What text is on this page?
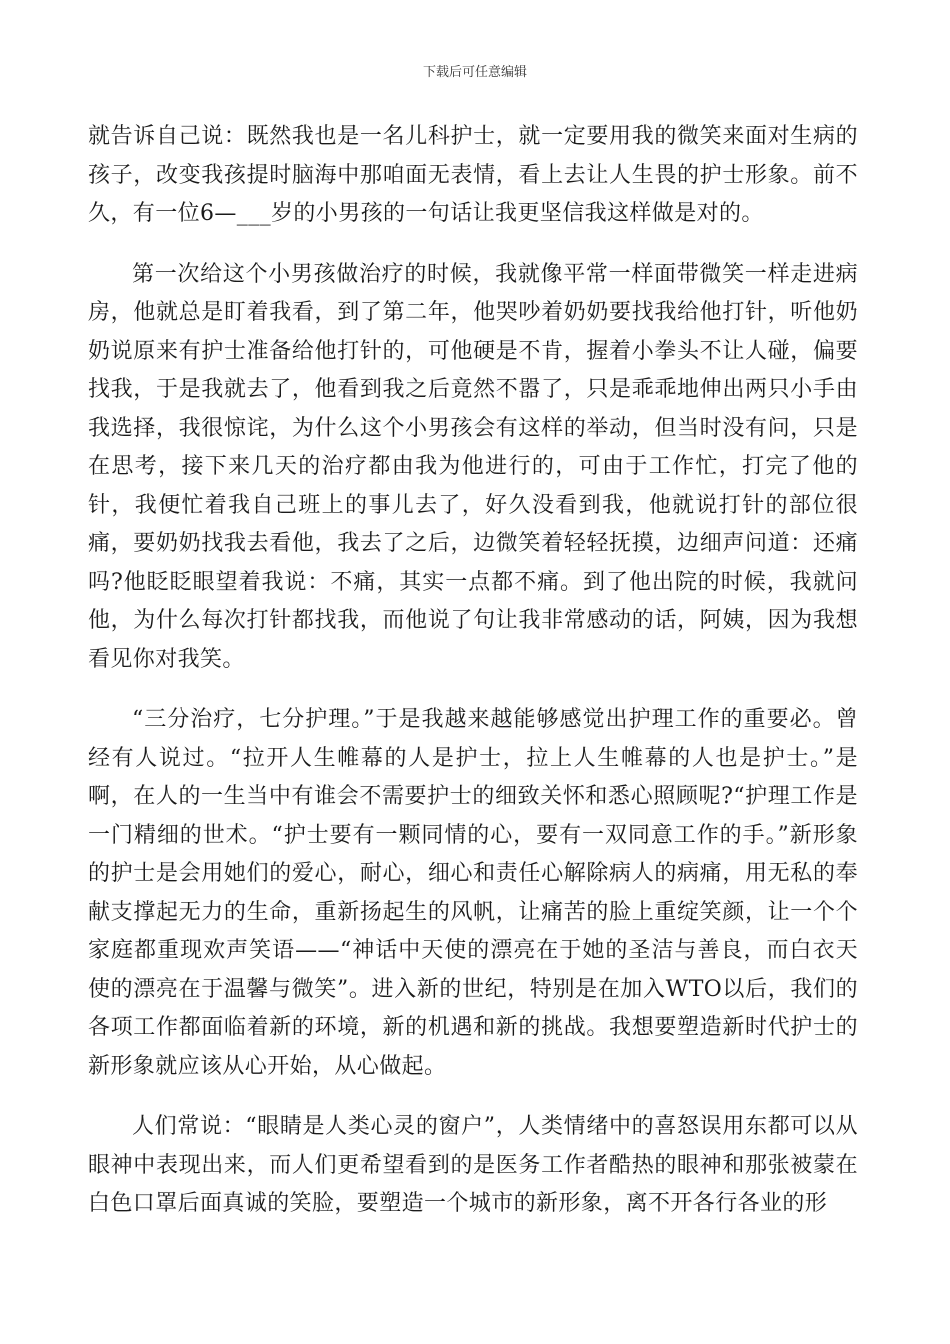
下载后可任意编辑

就告诉自己说：既然我也是一名儿科护士，就一定要用我的微笑来面对生病的孩子，改变我孩提时脑海中那咱面无表情，看上去让人生畏的护士形象。前不久，有一位6—___岁的小男孩的一句话让我更坚信我这样做是对的。

第一次给这个小男孩做治疗的时候，我就像平常一样面带微笑一样走进病房，他就总是盯着我看，到了第二年，他哭吵着奶奶要找我给他打针，听他奶奶说原来有护士准备给他打针的，可他硬是不肯，握着小拳头不让人碰，偏要找我，于是我就去了，他看到我之后竟然不嚣了，只是乖乖地伸出两只小手由我选择，我很惊诧，为什么这个小男孩会有这样的举动，但当时没有问，只是在思考，接下来几天的治疗都由我为他进行的，可由于工作忙，打完了他的针，我便忙着我自己班上的事儿去了，好久没看到我，他就说打针的部位很痛，要奶奶找我去看他，我去了之后，边微笑着轻轻抚摸，边细声问道：还痛吗?他眨眨眼望着我说：不痛，其实一点都不痛。到了他出院的时候，我就问他，为什么每次打针都找我，而他说了句让我非常感动的话，阿姨，因为我想看见你对我笑。

“三分治疗，七分护理。”于是我越来越能够感觉出护理工作的重要必。曾经有人说过。“拉开人生帷幕的人是护士，拉上人生帷幕的人也是护士。”是啊，在人的一生当中有谁会不需要护士的细致关怀和悉心照顾呢?“护理工作是一门精细的世术。“护士要有一颗同情的心，要有一双同意工作的手。”新形象的护士是会用她们的爱心，耐心，细心和责任心解除病人的病痛，用无私的奉献支撑起无力的生命，重新扬起生的风帆，让痛苦的脸上重绽笑颜，让一个个家庭都重现欢声笑语——“神话中天使的漂亮在于她的圣洁与善良，而白衣天使的漂亮在于温馨与微笑”。进入新的世纪，特别是在加入WTO以后，我们的各项工作都面临着新的环境，新的机遇和新的挑战。我想要塑造新时代护士的新形象就应该从心开始，从心做起。

人们常说：“眼睛是人类心灵的窗户”，人类情绪中的喜怒误用东都可以从眼神中表现出来，而人们更希望看到的是医务工作者酷热的眼神和那张被蒙在白色口罩后面真诚的笑脸，要塑造一个城市的新形象，离不开各行各业的形
